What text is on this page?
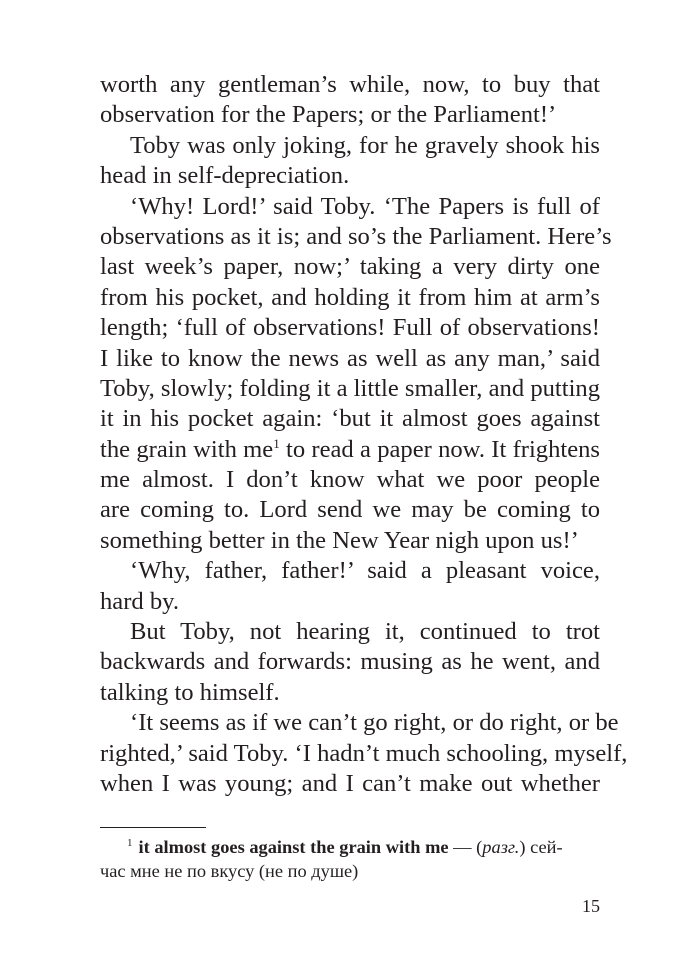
worth any gentleman’s while, now, to buy that
observation for the Papers; or the Parliament!’
Toby was only joking, for he gravely shook his
head in self-depreciation.
‘Why! Lord!’ said Toby. ‘The Papers is full of
observations as it is; and so’s the Parliament. Here’s
last week’s paper, now;’ taking a very dirty one
from his pocket, and holding it from him at arm’s
length; ‘full of observations! Full of observations!
I like to know the news as well as any man,’ said
Toby, slowly; folding it a little smaller, and putting
it in his pocket again: ‘but it almost goes against
the grain with me$^1$ to read a paper now. It frightens
me almost. I don’t know what we poor people
are coming to. Lord send we may be coming to
something better in the New Year nigh upon us!’
‘Why, father, father!’ said a pleasant voice,
hard by.
But Toby, not hearing it, continued to trot
backwards and forwards: musing as he went, and
talking to himself.
‘It seems as if we can’t go right, or do right, or be
righted,’ said Toby. ‘I hadn’t much schooling, myself,
when I was young; and I can’t make out whether
$^1$ it almost goes against the grain with me — (разг.) сей-
час мне не по вкусу (не по душе)
15
